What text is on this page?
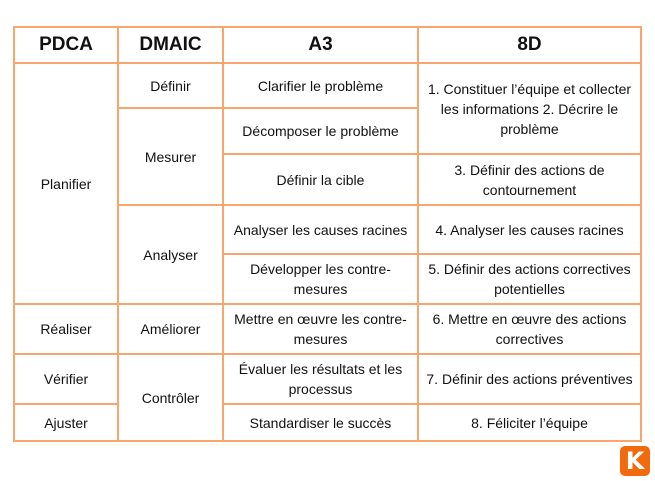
PDCA	DMAIC	A3	8D
Planifier	Définir	Clarifier le problème	1. Constituer l’équipe et collecter les informations 2. Décrire le problème
	Mesurer	Décomposer le problème	
		Définir la cible	3. Définir des actions de contournement
	Analyser	Analyser les causes racines	4. Analyser les causes racines
		Développer les contre-mesures	5. Définir des actions correctives potentielles
Réaliser	Améliorer	Mettre en œuvre les contre-mesures	6. Mettre en œuvre des actions correctives
Vérifier	Contrôler	Évaluer les résultats et les processus	7. Définir des actions préventives
Ajuster		Standardiser le succès	8. Féliciter l’équipe
K
